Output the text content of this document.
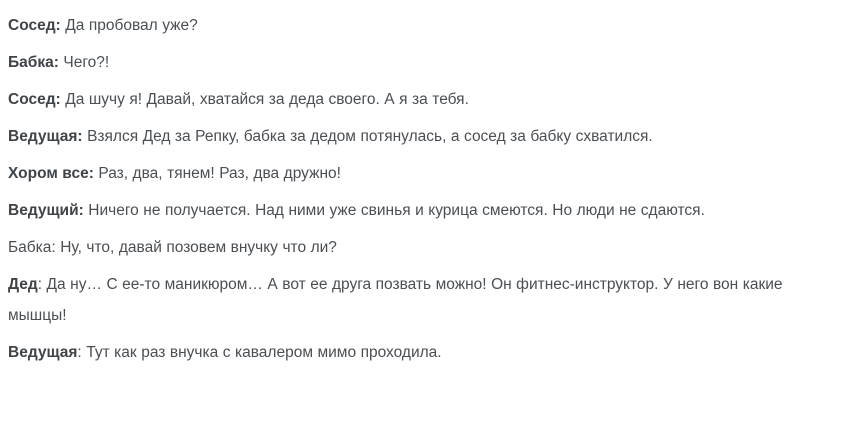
Сосед: Да пробовал уже?

Бабка: Чего?!

Сосед: Да шучу я! Давай, хватайся за деда своего. А я за тебя.

Ведущая: Взялся Дед за Репку, бабка за дедом потянулась, а сосед за бабку схватился.

Хором все: Раз, два, тянем! Раз, два дружно!

Ведущий: Ничего не получается. Над ними уже свинья и курица смеются. Но люди не сдаются.

Бабка: Ну, что, давай позовем внучку что ли?

Дед: Да ну… С ее-то маникюром… А вот ее друга позвать можно! Он фитнес-инструктор. У него вон какие мышцы!

Ведущая: Тут как раз внучка с кавалером мимо проходила.
